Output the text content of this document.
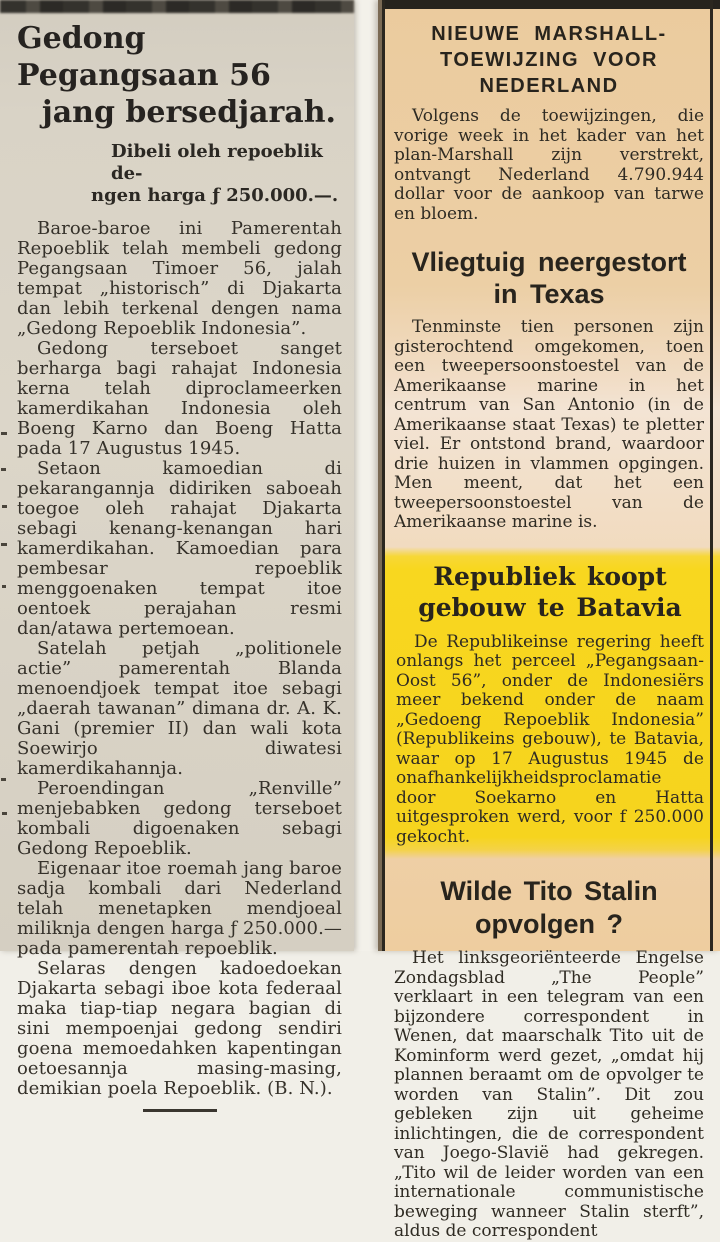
Gedong Pegangsaan 56
jang bersedjarah.
Dibeli oleh repoeblik de-
ngen harga ƒ 250.000.—.

Baroe-baroe ini Pamerentah Repoeblik telah membeli gedong Pegangsaan Timoer 56, jalah tempat „historisch” di Djakarta dan lebih terkenal dengen nama „Gedong Repoeblik Indonesia”.

Gedong terseboet sanget berharga bagi rahajat Indonesia kerna telah diproclameerken kamerdikahan Indonesia oleh Boeng Karno dan Boeng Hatta pada 17 Augustus 1945.

Setaon kamoedian di pekarangannja didiriken saboeah toegoe oleh rahajat Djakarta sebagi kenang-kenangan hari kamerdikahan. Kamoedian para pembesar repoeblik menggoenaken tempat itoe oentoek perajahan resmi dan/atawa pertemoean.

Satelah petjah „politionele actie” pamerentah Blanda menoendjoek tempat itoe sebagi „daerah tawanan” dimana dr. A. K. Gani (premier II) dan wali kota Soewirjo diwatesi kamerdikahannja.

Peroendingan „Renville” menjebabken gedong terseboet kombali digoenaken sebagi Gedong Repoeblik.

Eigenaar itoe roemah jang baroe sadja kombali dari Nederland telah menetapken mendjoeal miliknja dengen harga ƒ 250.000.— pada pamerentah repoeblik.

Selaras dengen kadoedoekan Djakarta sebagi iboe kota federaal maka tiap-tiap negara bagian di sini mempoenjai gedong sendiri goena memoedahken kapentingan oetoesannja masing-masing, demikian poela Repoeblik. (B. N.).

NIEUWE MARSHALL-TOEWIJZING VOOR NEDERLAND

Volgens de toewijzingen, die vorige week in het kader van het plan-Marshall zijn verstrekt, ontvangt Nederland 4.790.944 dollar voor de aankoop van tarwe en bloem.

Vliegtuig neergestort in Texas

Tenminste tien personen zijn gisterochtend omgekomen, toen een tweepersoonstoestel van de Amerikaanse marine in het centrum van San Antonio (in de Amerikaanse staat Texas) te pletter viel. Er ontstond brand, waardoor drie huizen in vlammen opgingen. Men meent, dat het een tweepersoonstoestel van de Amerikaanse marine is.

Republiek koopt gebouw te Batavia

De Republikeinse regering heeft onlangs het perceel „Pegangsaan-Oost 56”, onder de Indonesiërs meer bekend onder de naam „Gedoeng Repoeblik Indonesia” (Republikeins gebouw), te Batavia, waar op 17 Augustus 1945 de onafhankelijkheidsproclamatie door Soekarno en Hatta uitgesproken werd, voor f 250.000 gekocht.

Wilde Tito Stalin opvolgen ?

Het linksgeoriënteerde Engelse Zondagsblad „The People” verklaart in een telegram van een bijzondere correspondent in Wenen, dat maarschalk Tito uit de Kominform werd gezet, „omdat hij plannen beraamt om de opvolger te worden van Stalin”. Dit zou gebleken zijn uit geheime inlichtingen, die de correspondent van Joego-Slavië had gekregen. „Tito wil de leider worden van een internationale communistische beweging wanneer Stalin sterft”, aldus de correspondent
